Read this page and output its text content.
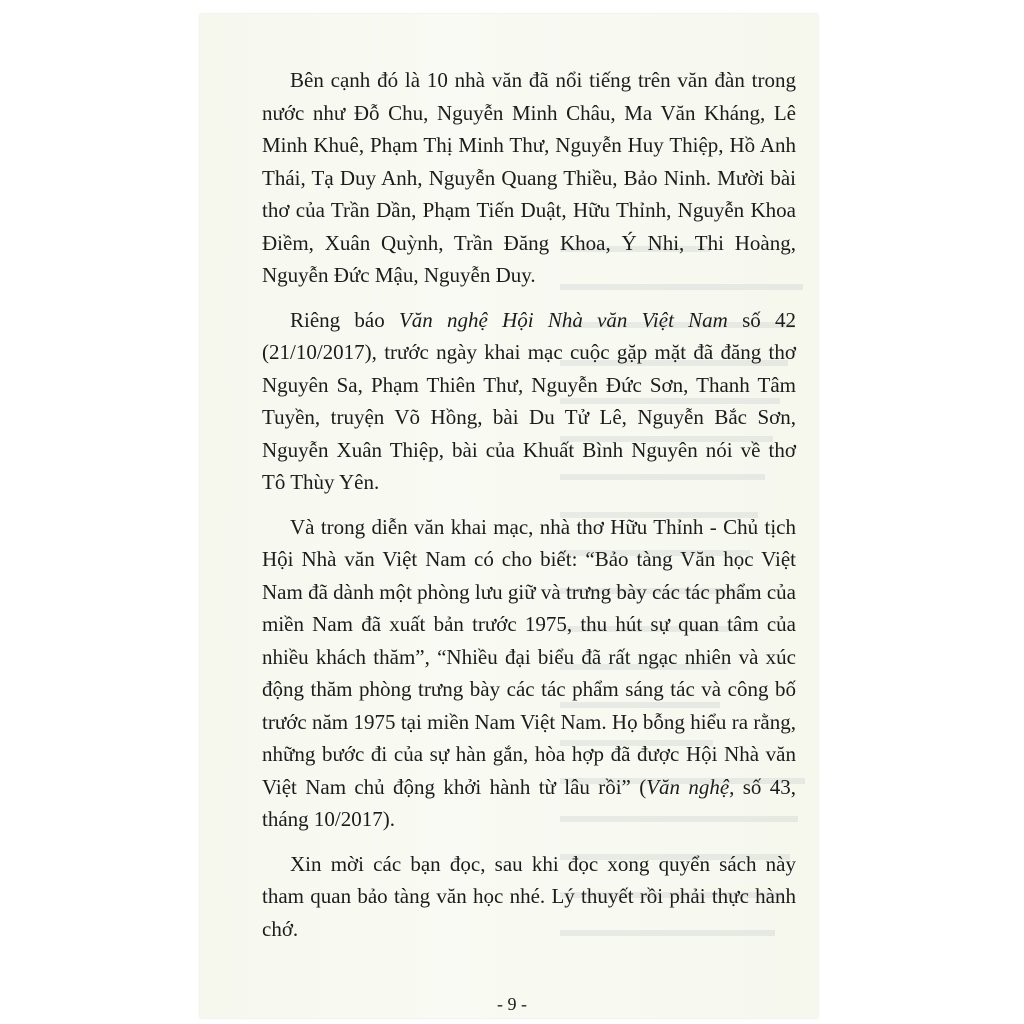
Bên cạnh đó là 10 nhà văn đã nổi tiếng trên văn đàn trong nước như Đỗ Chu, Nguyễn Minh Châu, Ma Văn Kháng, Lê Minh Khuê, Phạm Thị Minh Thư, Nguyễn Huy Thiệp, Hồ Anh Thái, Tạ Duy Anh, Nguyễn Quang Thiều, Bảo Ninh. Mười bài thơ của Trần Dần, Phạm Tiến Duật, Hữu Thỉnh, Nguyễn Khoa Điềm, Xuân Quỳnh, Trần Đăng Khoa, Ý Nhi, Thi Hoàng, Nguyễn Đức Mậu, Nguyễn Duy.

Riêng báo Văn nghệ Hội Nhà văn Việt Nam số 42 (21/10/2017), trước ngày khai mạc cuộc gặp mặt đã đăng thơ Nguyên Sa, Phạm Thiên Thư, Nguyễn Đức Sơn, Thanh Tâm Tuyền, truyện Võ Hồng, bài Du Tử Lê, Nguyễn Bắc Sơn, Nguyễn Xuân Thiệp, bài của Khuất Bình Nguyên nói về thơ Tô Thùy Yên.

Và trong diễn văn khai mạc, nhà thơ Hữu Thỉnh - Chủ tịch Hội Nhà văn Việt Nam có cho biết: “Bảo tàng Văn học Việt Nam đã dành một phòng lưu giữ và trưng bày các tác phẩm của miền Nam đã xuất bản trước 1975, thu hút sự quan tâm của nhiều khách thăm”, “Nhiều đại biểu đã rất ngạc nhiên và xúc động thăm phòng trưng bày các tác phẩm sáng tác và công bố trước năm 1975 tại miền Nam Việt Nam. Họ bỗng hiểu ra rằng, những bước đi của sự hàn gắn, hòa hợp đã được Hội Nhà văn Việt Nam chủ động khởi hành từ lâu rồi” (Văn nghệ, số 43, tháng 10/2017).

Xin mời các bạn đọc, sau khi đọc xong quyển sách này tham quan bảo tàng văn học nhé. Lý thuyết rồi phải thực hành chớ.

- 9 -
